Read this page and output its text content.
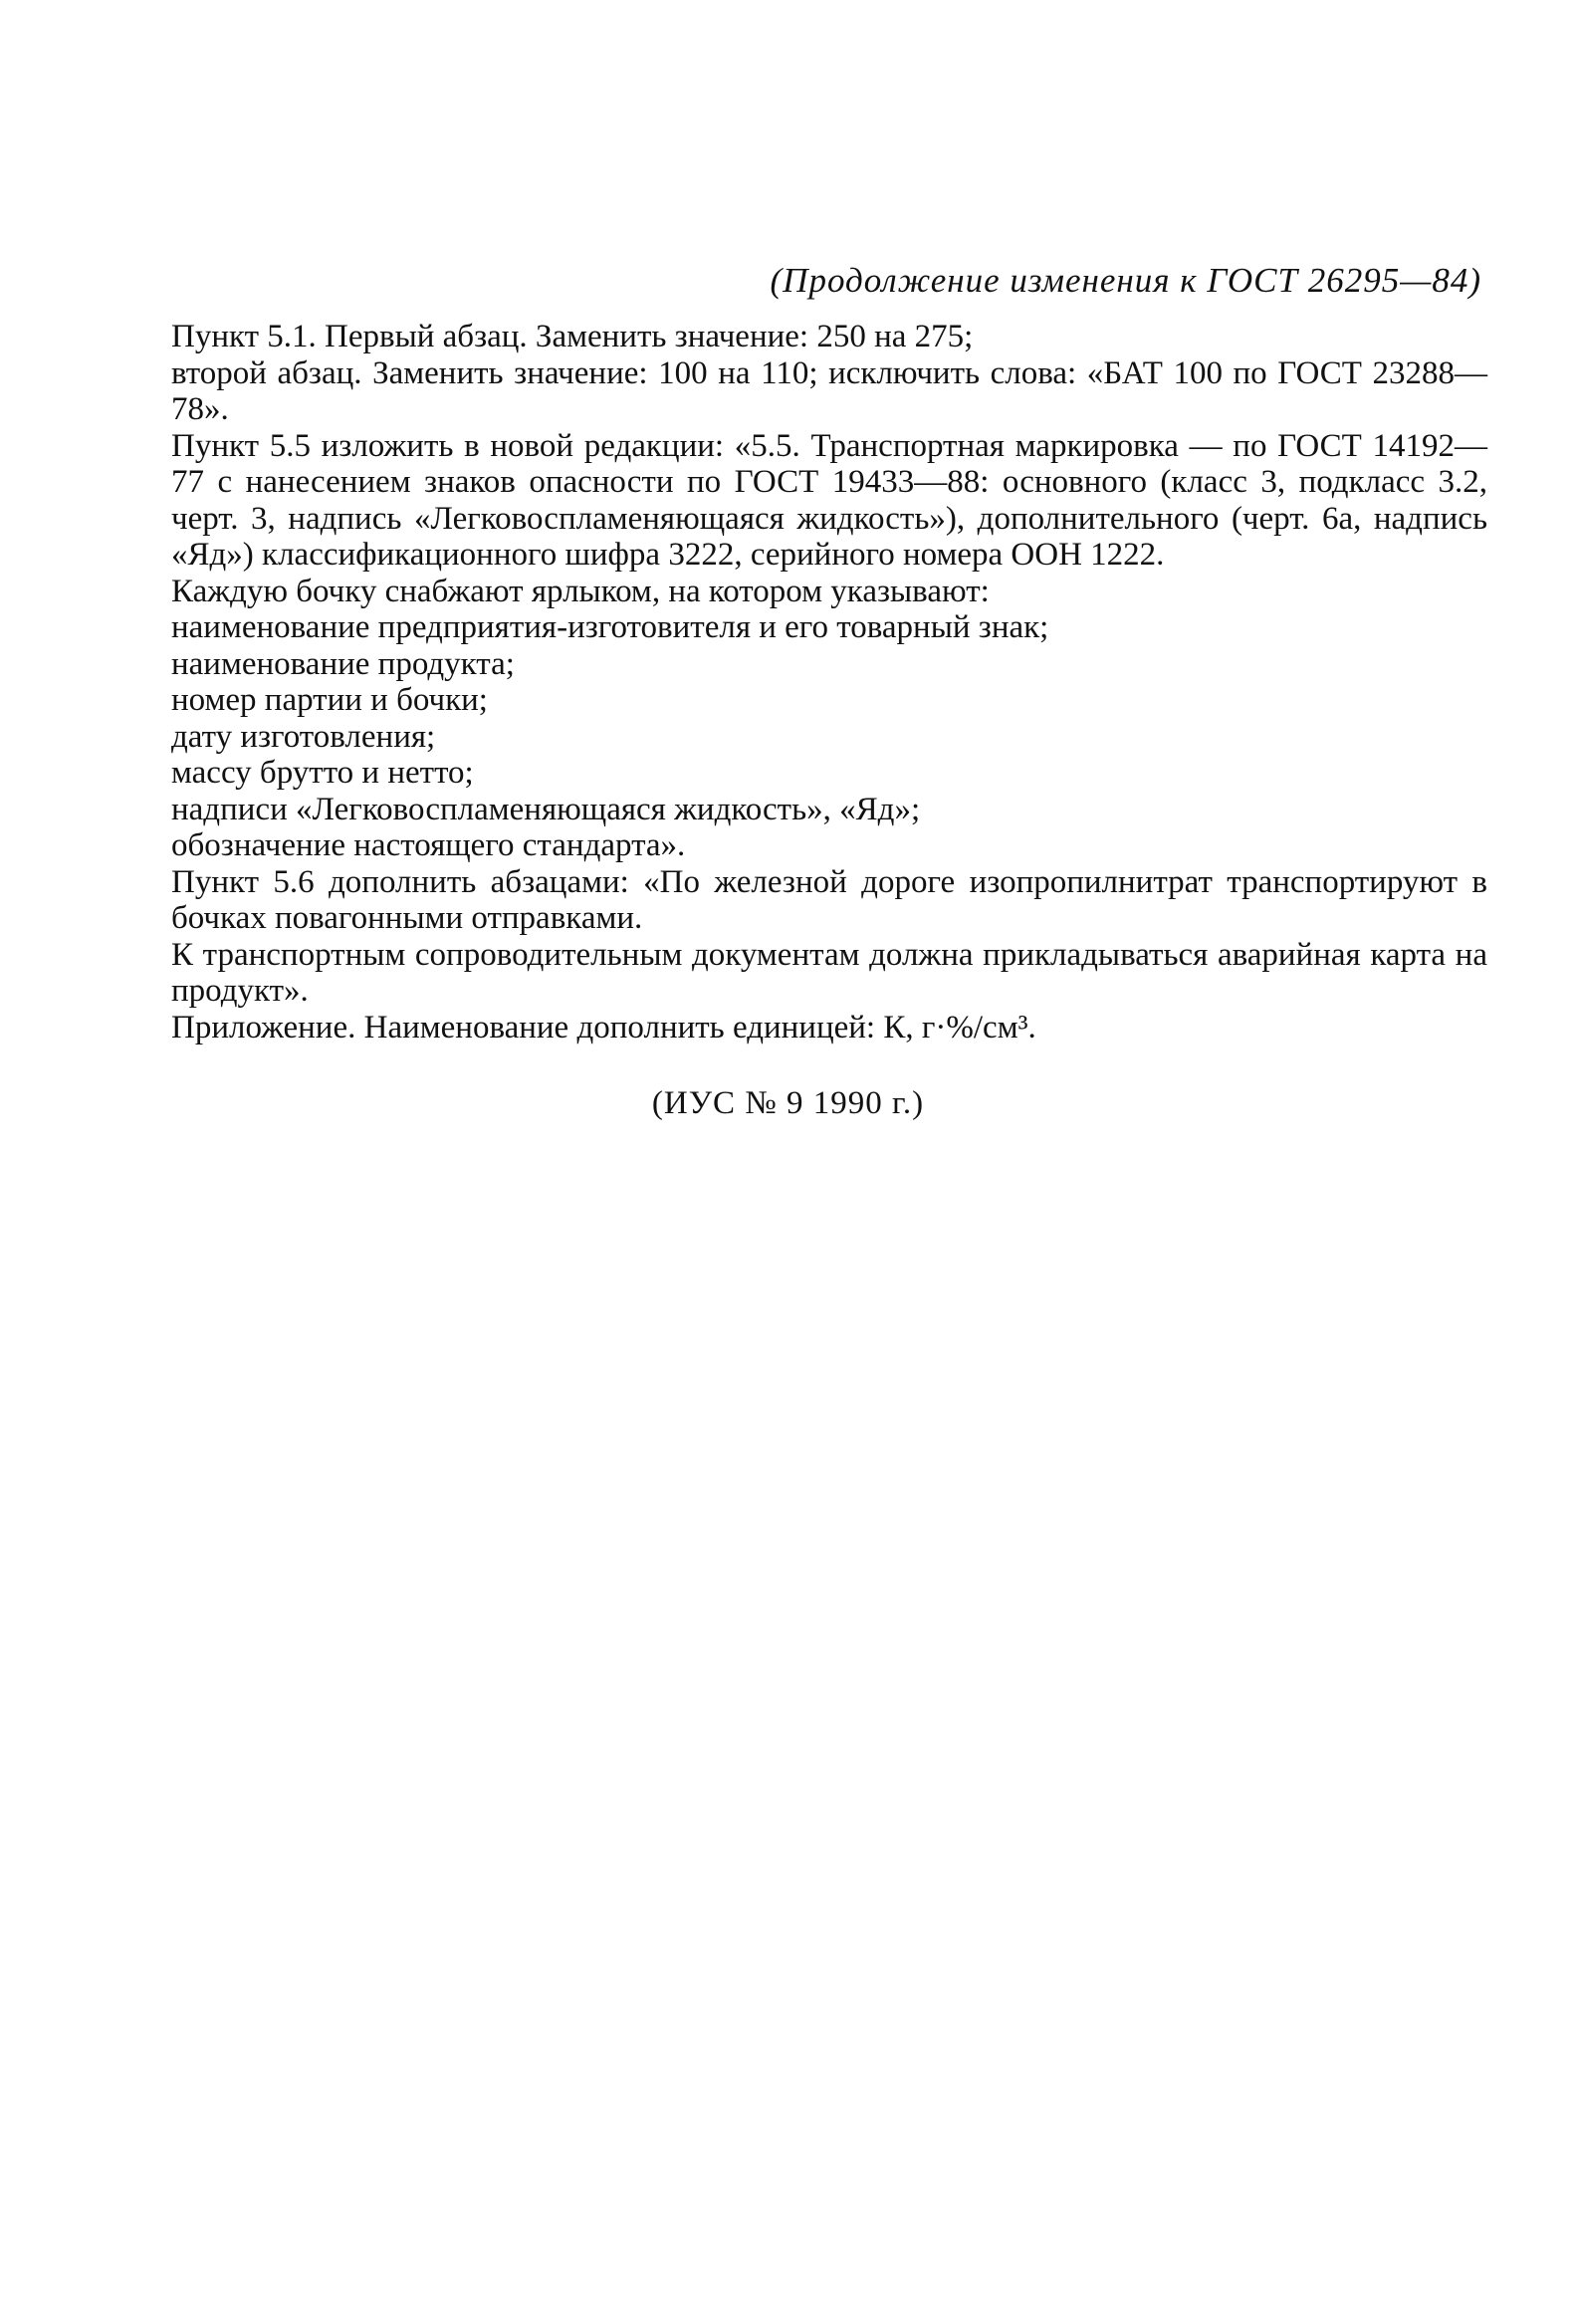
(Продолжение изменения к ГОСТ 26295—84)

Пункт 5.1. Первый абзац. Заменить значение: 250 на 275;

второй абзац. Заменить значение: 100 на 110; исключить слова: «БАТ 100 по ГОСТ 23288—78».

Пункт 5.5 изложить в новой редакции: «5.5. Транспортная маркировка — по ГОСТ 14192—77 с нанесением знаков опасности по ГОСТ 19433—88: основного (класс 3, подкласс 3.2, черт. 3, надпись «Легковоспламеняющаяся жидкость»), дополнительного (черт. 6а, надпись «Яд») классификационного шифра 3222, серийного номера ООН 1222.

Каждую бочку снабжают ярлыком, на котором указывают:

наименование предприятия-изготовителя и его товарный знак;

наименование продукта;

номер партии и бочки;

дату изготовления;

массу брутто и нетто;

надписи «Легковоспламеняющаяся жидкость», «Яд»;

обозначение настоящего стандарта».

Пункт 5.6 дополнить абзацами: «По железной дороге изопропилнитрат транспортируют в бочках повагонными отправками.

К транспортным сопроводительным документам должна прикладываться аварийная карта на продукт».

Приложение. Наименование дополнить единицей: К, г·%/см³.

(ИУС № 9 1990 г.)
